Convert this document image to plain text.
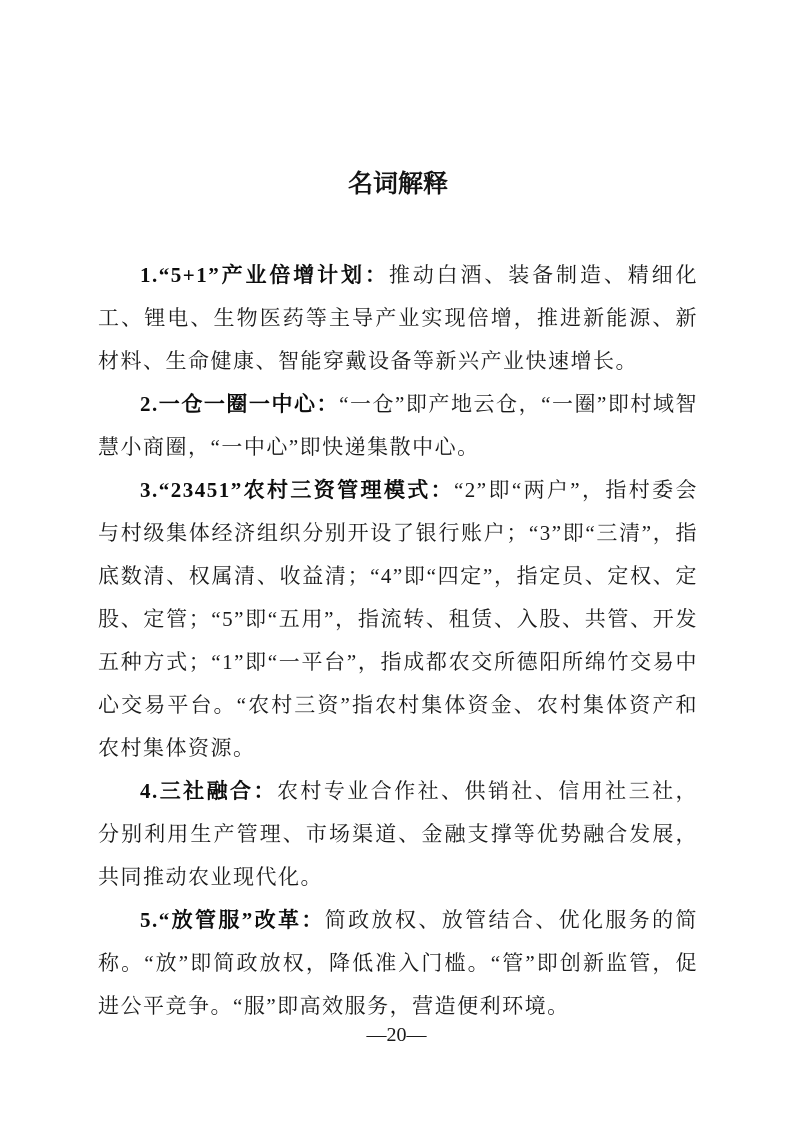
名词解释

1.“5+1”产业倍增计划：推动白酒、装备制造、精细化工、锂电、生物医药等主导产业实现倍增，推进新能源、新材料、生命健康、智能穿戴设备等新兴产业快速增长。

2.一仓一圈一中心：“一仓”即产地云仓，“一圈”即村域智慧小商圈，“一中心”即快递集散中心。

3.“23451”农村三资管理模式：“2”即“两户”，指村委会与村级集体经济组织分别开设了银行账户；“3”即“三清”，指底数清、权属清、收益清；“4”即“四定”，指定员、定权、定股、定管；“5”即“五用”，指流转、租赁、入股、共管、开发五种方式；“1”即“一平台”，指成都农交所德阳所绵竹交易中心交易平台。“农村三资”指农村集体资金、农村集体资产和农村集体资源。

4.三社融合：农村专业合作社、供销社、信用社三社，分别利用生产管理、市场渠道、金融支撑等优势融合发展，共同推动农业现代化。

5.“放管服”改革：简政放权、放管结合、优化服务的简称。“放”即简政放权，降低准入门槛。“管”即创新监管，促进公平竞争。“服”即高效服务，营造便利环境。

—20—
